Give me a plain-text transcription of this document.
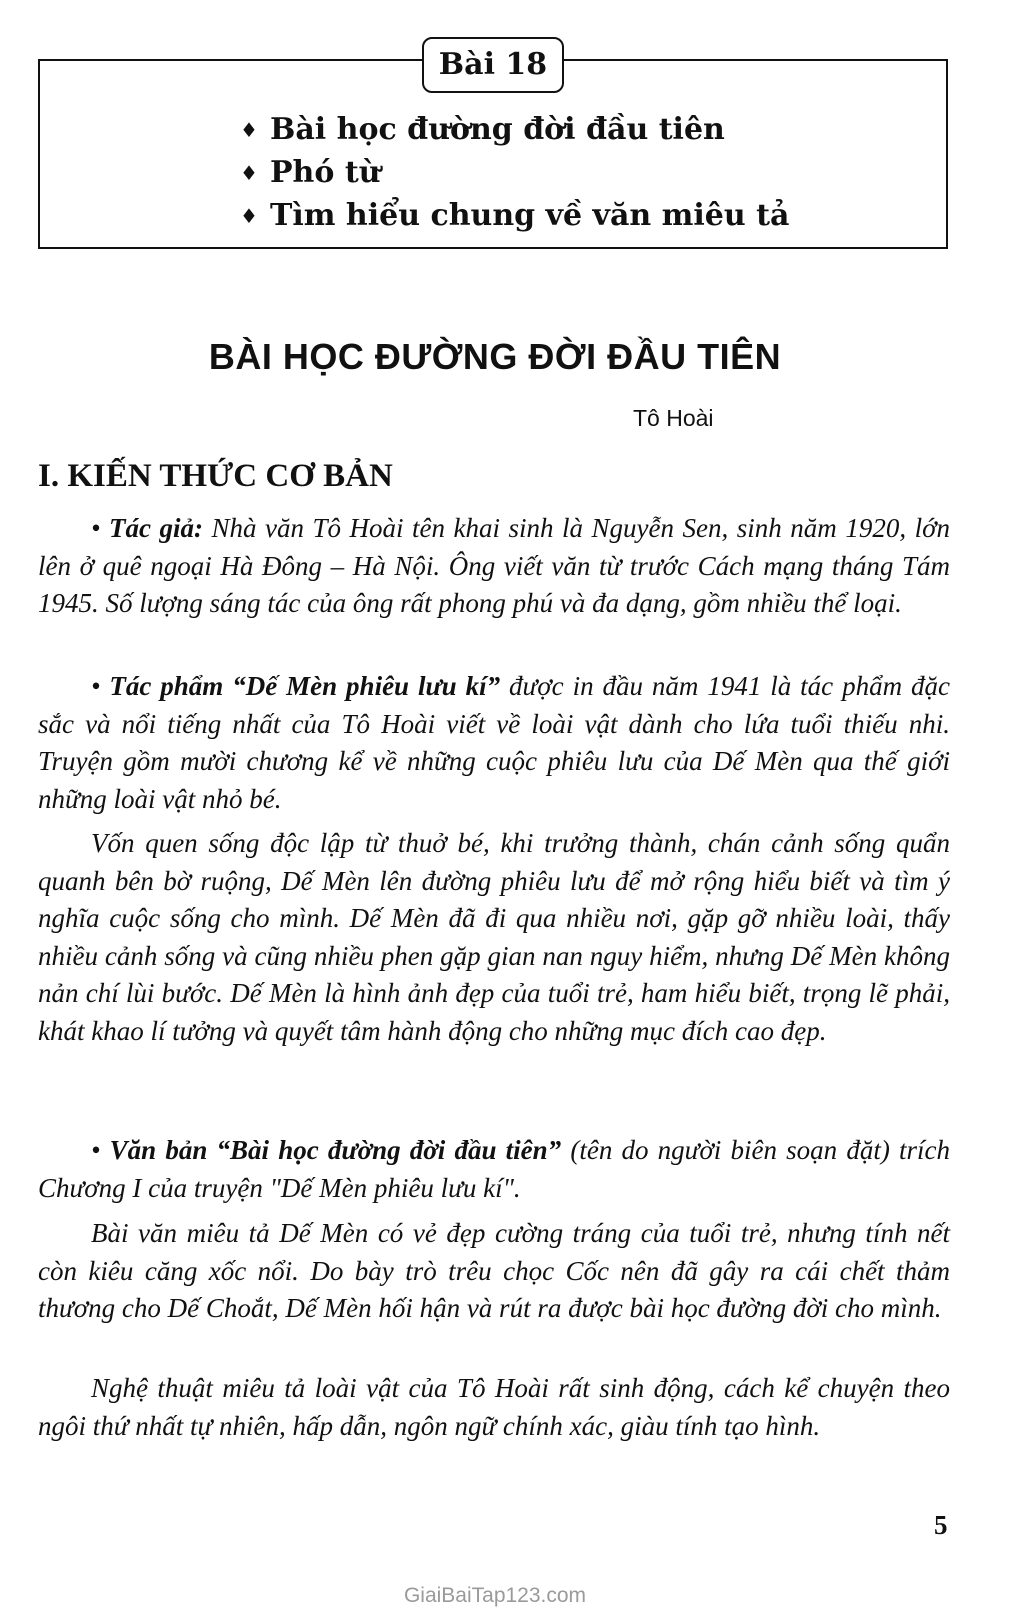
Bài 18
♦ Bài học đường đời đầu tiên
♦ Phó từ
♦ Tìm hiểu chung về văn miêu tả
BÀI HỌC ĐƯỜNG ĐỜI ĐẦU TIÊN
Tô Hoài
I. KIẾN THỨC CƠ BẢN

• Tác giả: Nhà văn Tô Hoài tên khai sinh là Nguyễn Sen, sinh năm 1920, lớn lên ở quê ngoại Hà Đông – Hà Nội. Ông viết văn từ trước Cách mạng tháng Tám 1945. Số lượng sáng tác của ông rất phong phú và đa dạng, gồm nhiều thể loại.

• Tác phẩm “Dế Mèn phiêu lưu kí” được in đầu năm 1941 là tác phẩm đặc sắc và nổi tiếng nhất của Tô Hoài viết về loài vật dành cho lứa tuổi thiếu nhi. Truyện gồm mười chương kể về những cuộc phiêu lưu của Dế Mèn qua thế giới những loài vật nhỏ bé.

Vốn quen sống độc lập từ thuở bé, khi trưởng thành, chán cảnh sống quẩn quanh bên bờ ruộng, Dế Mèn lên đường phiêu lưu để mở rộng hiểu biết và tìm ý nghĩa cuộc sống cho mình. Dế Mèn đã đi qua nhiều nơi, gặp gỡ nhiều loài, thấy nhiều cảnh sống và cũng nhiều phen gặp gian nan nguy hiểm, nhưng Dế Mèn không nản chí lùi bước. Dế Mèn là hình ảnh đẹp của tuổi trẻ, ham hiểu biết, trọng lẽ phải, khát khao lí tưởng và quyết tâm hành động cho những mục đích cao đẹp.

• Văn bản “Bài học đường đời đầu tiên” (tên do người biên soạn đặt) trích Chương I của truyện "Dế Mèn phiêu lưu kí".

Bài văn miêu tả Dế Mèn có vẻ đẹp cường tráng của tuổi trẻ, nhưng tính nết còn kiêu căng xốc nổi. Do bày trò trêu chọc Cốc nên đã gây ra cái chết thảm thương cho Dế Choắt, Dế Mèn hối hận và rút ra được bài học đường đời cho mình.

Nghệ thuật miêu tả loài vật của Tô Hoài rất sinh động, cách kể chuyện theo ngôi thứ nhất tự nhiên, hấp dẫn, ngôn ngữ chính xác, giàu tính tạo hình.

5
GiaiBaiTap123.com
